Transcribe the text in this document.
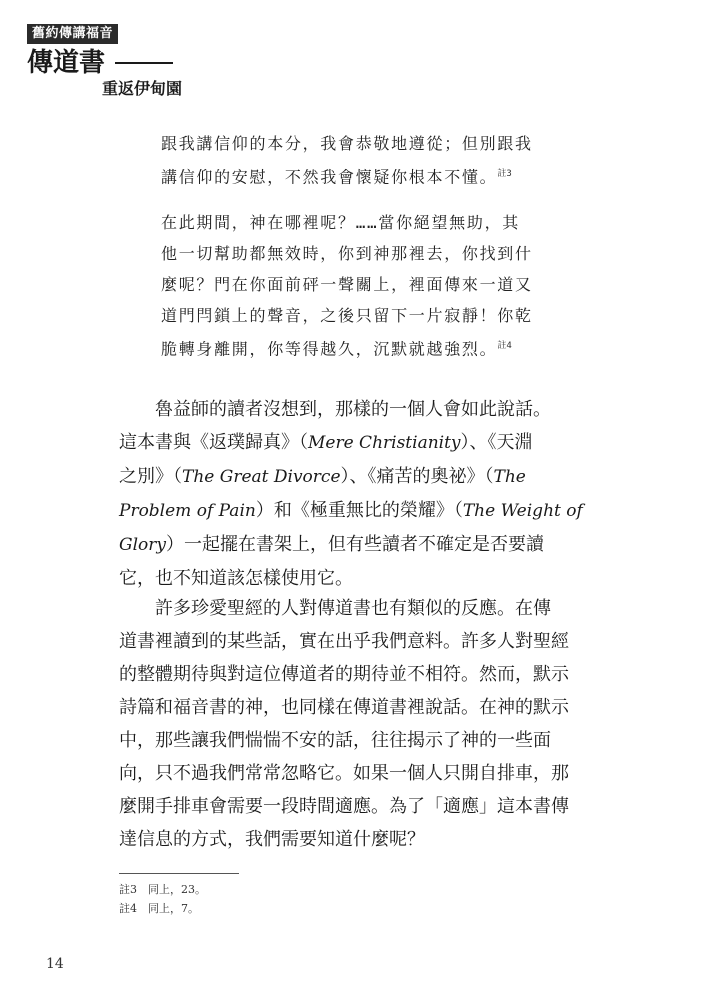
舊約傳講福音
傳道書
重返伊甸園
跟我講信仰的本分，我會恭敬地遵從；但別跟我
講信仰的安慰，不然我會懷疑你根本不懂。$^{註3}$
在此期間，神在哪裡呢？……當你絕望無助，其
他一切幫助都無效時，你到神那裡去，你找到什
麼呢？門在你面前砰一聲關上，裡面傳來一道又
道門閂鎖上的聲音，之後只留下一片寂靜！你乾
脆轉身離開，你等得越久，沉默就越強烈。$^{註4}$
魯益師的讀者沒想到，那樣的一個人會如此說話。
這本書與《返璞歸真》（Mere Christianity）、《天淵
之別》（The Great Divorce）、《痛苦的奧祕》（The
Problem of Pain）和《極重無比的榮耀》（The Weight of
Glory）一起擺在書架上，但有些讀者不確定是否要讀
它，也不知道該怎樣使用它。
許多珍愛聖經的人對傳道書也有類似的反應。在傳
道書裡讀到的某些話，實在出乎我們意料。許多人對聖經
的整體期待與對這位傳道者的期待並不相符。然而，默示
詩篇和福音書的神，也同樣在傳道書裡說話。在神的默示
中，那些讓我們惴惴不安的話，往往揭示了神的一些面
向，只不過我們常常忽略它。如果一個人只開自排車，那
麼開手排車會需要一段時間適應。為了「適應」這本書傳
達信息的方式，我們需要知道什麼呢？
註3　同上，23。
註4　同上，7。
14
